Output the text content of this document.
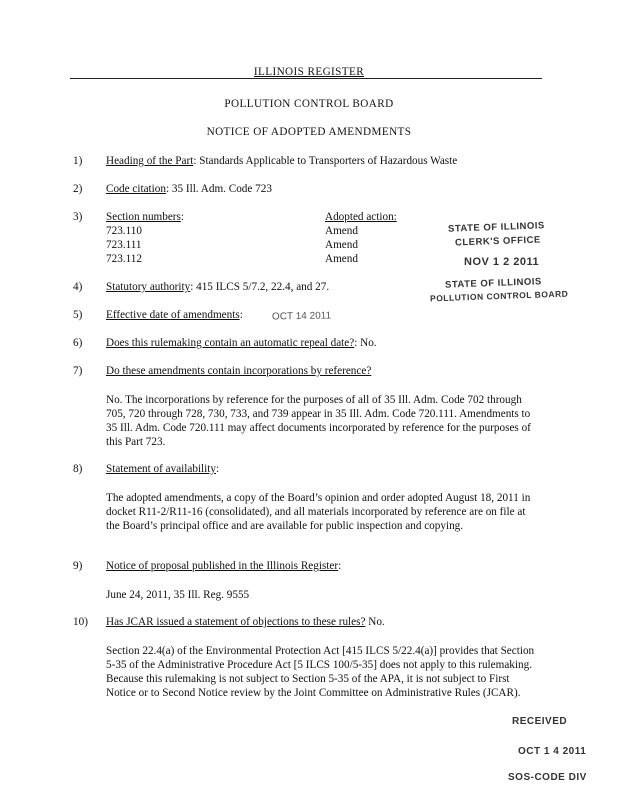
ILLINOIS REGISTER
POLLUTION CONTROL BOARD
NOTICE OF ADOPTED AMENDMENTS
1)	Heading of the Part: Standards Applicable to Transporters of Hazardous Waste
2)	Code citation: 35 Ill. Adm. Code 723
3)	Section numbers:	Adopted action:
723.110	Amend
723.111	Amend
723.112	Amend
STATE OF ILLINOIS
CLERK'S OFFICE
NOV 1 2 2011
STATE OF ILLINOIS
POLLUTION CONTROL BOARD
4)	Statutory authority: 415 ILCS 5/7.2, 22.4, and 27.
5)	Effective date of amendments:	OCT 14 2011
6)	Does this rulemaking contain an automatic repeal date?: No.
7)	Do these amendments contain incorporations by reference?
No. The incorporations by reference for the purposes of all of 35 Ill. Adm. Code 702 through 705, 720 through 728, 730, 733, and 739 appear in 35 Ill. Adm. Code 720.111. Amendments to 35 Ill. Adm. Code 720.111 may affect documents incorporated by reference for the purposes of this Part 723.
8)	Statement of availability:
The adopted amendments, a copy of the Board’s opinion and order adopted August 18, 2011 in docket R11-2/R11-16 (consolidated), and all materials incorporated by reference are on file at the Board’s principal office and are available for public inspection and copying.
9)	Notice of proposal published in the Illinois Register:
June 24, 2011, 35 Ill. Reg. 9555
10)	Has JCAR issued a statement of objections to these rules? No.
Section 22.4(a) of the Environmental Protection Act [415 ILCS 5/22.4(a)] provides that Section 5-35 of the Administrative Procedure Act [5 ILCS 100/5-35] does not apply to this rulemaking. Because this rulemaking is not subject to Section 5-35 of the APA, it is not subject to First Notice or to Second Notice review by the Joint Committee on Administrative Rules (JCAR).
RECEIVED
OCT 1 4 2011
SOS-CODE DIV
